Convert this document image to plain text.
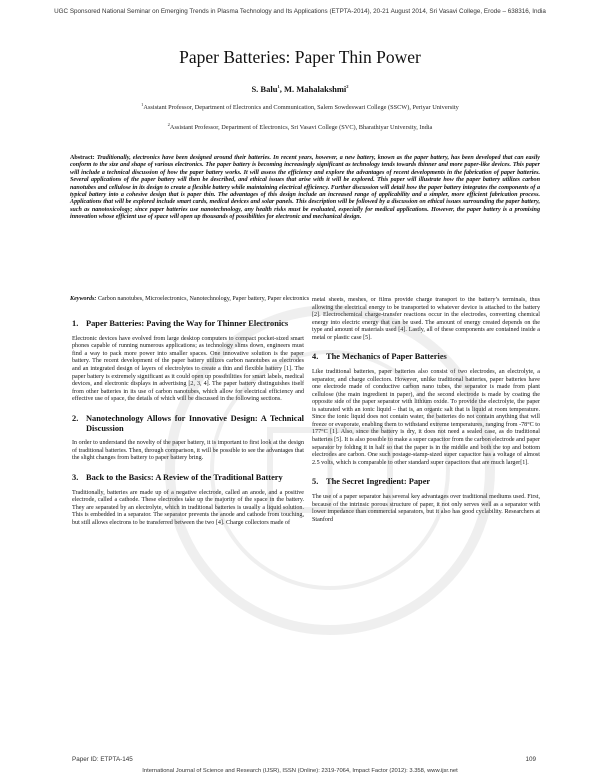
UGC Sponsored National Seminar on Emerging Trends in Plasma Technology and Its Applications (ETPTA-2014), 20-21 August 2014, Sri Vasavi College, Erode – 638316, India
Paper Batteries: Paper Thin Power
S. Balu$^1$, M. Mahalakshmi$^2$
$^1$Assistant Professor, Department of Electronics and Communication, Salem Sowdeswari College (SSCW), Periyar University
$^2$Assistant Professor, Department of Electronics, Sri Vasavi College (SVC), Bharathiyar University, India
Abstract: Traditionally, electronics have been designed around their batteries. In recent years, however, a new battery, known as the paper battery, has been developed that can easily conform to the size and shape of various electronics. The paper battery is becoming increasingly significant as technology tends towards thinner and more paper-like devices. This paper will include a technical discussion of how the paper battery works. It will assess the efficiency and explore the advantages of recent developments in the fabrication of paper batteries. Several applications of the paper battery will then be described, and ethical issues that arise with it will be explored. This paper will illustrate how the paper battery utilizes carbon nanotubes and cellulose in its design to create a flexible battery while maintaining electrical efficiency. Further discussion will detail how the paper battery integrates the components of a typical battery into a cohesive design that is paper thin. The advantages of this design include an increased range of applicability and a simpler, more efficient fabrication process. Applications that will be explored include smart cards, medical devices and solar panels. This description will be followed by a discussion on ethical issues surrounding the paper battery, such as nanotoxicology; since paper batteries use nanotechnology, any health risks must be evaluated, especially for medical applications. However, the paper battery is a promising innovation whose efficient use of space will open up thousands of possibilities for electronic and mechanical design.
Keywords: Carbon nanotubes, Microelectronics, Nanotechnology, Paper battery, Paper electronics
1. Paper Batteries: Paving the Way for Thinner Electronics
Electronic devices have evolved from large desktop computers to compact pocket-sized smart phones capable of running numerous applications; as technology slims down, engineers must find a way to pack more power into smaller spaces. One innovative solution is the paper battery. The recent development of the paper battery utilizes carbon nanotubes as electrodes and an integrated design of layers of electrolytes to create a thin and flexible battery [1]. The paper battery is extremely significant as it could open up possibilities for smart labels, medical devices, and electronic displays in advertising [2, 3, 4]. The paper battery distinguishes itself from other batteries in its use of carbon nanotubes, which allow for electrical efficiency and effective use of space, the details of which will be discussed in the following sections.
2. Nanotechnology Allows for Innovative Design: A Technical Discussion
In order to understand the novelty of the paper battery, it is important to first look at the design of traditional batteries. Then, through comparison, it will be possible to see the advantages that the slight changes from battery to paper battery bring.
3. Back to the Basics: A Review of the Traditional Battery
Traditionally, batteries are made up of a negative electrode, called an anode, and a positive electrode, called a cathode. These electrodes take up the majority of the space in the battery. They are separated by an electrolyte, which in traditional batteries is usually a liquid solution. This is embedded in a separator. The separator prevents the anode and cathode from touching, but still allows electrons to be transferred between the two [4]. Charge collectors made of
metal sheets, meshes, or films provide charge transport to the battery’s terminals, thus allowing the electrical energy to be transported to whatever device is attached to the battery [2]. Electrochemical charge-transfer reactions occur in the electrodes, converting chemical energy into electric energy that can be used. The amount of energy created depends on the type and amount of materials used [4]. Lastly, all of these components are contained inside a metal or plastic case [5].
4. The Mechanics of Paper Batteries
Like traditional batteries, paper batteries also consist of two electrodes, an electrolyte, a separator, and charge collectors. However, unlike traditional batteries, paper batteries have one electrode made of conductive carbon nano tubes, the separator is made from plant cellulose (the main ingredient in paper), and the second electrode is made by coating the opposite side of the paper separator with lithium oxide. To provide the electrolyte, the paper is saturated with an ionic liquid – that is, an organic salt that is liquid at room temperature. Since the ionic liquid does not contain water, the batteries do not contain anything that will freeze or evaporate, enabling them to withstand extreme temperatures, ranging from -78°C to 177°C [1]. Also, since the battery is dry, it does not need a sealed case, as do traditional batteries [5]. It is also possible to make a super capacitor from the carbon electrode and paper separator by folding it in half so that the paper is in the middle and both the top and bottom electrodes are carbon. One such postage-stamp-sized super capacitor has a voltage of almost 2.5 volts, which is comparable to other standard super capacitors that are much larger[1].
5. The Secret Ingredient: Paper
The use of a paper separator has several key advantages over traditional mediums used. First, because of the intrinsic porous structure of paper, it not only serves well as a separator with lower impedance than commercial separators, but it also has good cyclability. Researchers at Stanford
Paper ID: ETPTA-145	109
International Journal of Science and Research (IJSR), ISSN (Online): 2319-7064, Impact Factor (2012): 3.358, www.ijsr.net
